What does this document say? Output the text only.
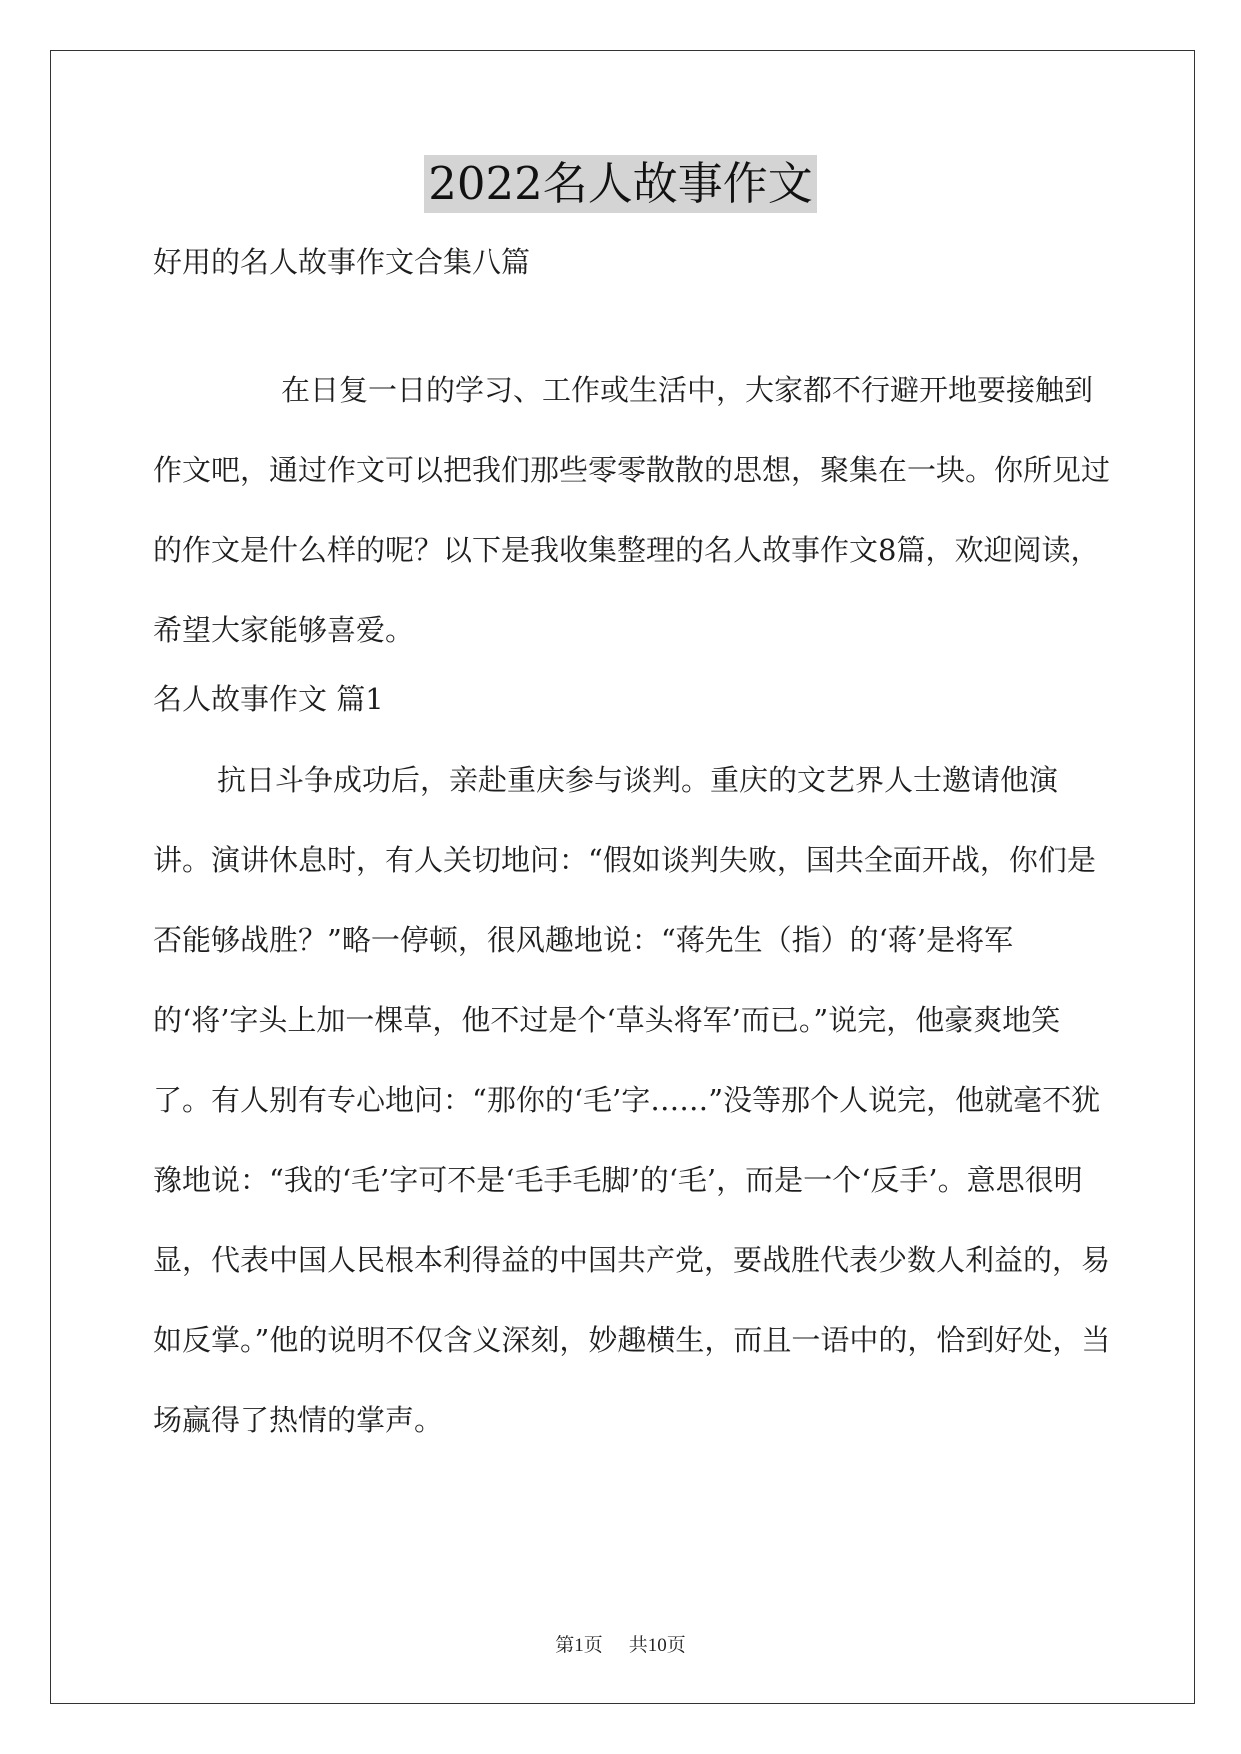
2022名人故事作文
好用的名人故事作文合集八篇
在日复一日的学习、工作或生活中，大家都不行避开地要接触到作文吧，通过作文可以把我们那些零零散散的思想，聚集在一块。你所见过的作文是什么样的呢？以下是我收集整理的名人故事作文8篇，欢迎阅读，希望大家能够喜爱。
名人故事作文 篇1
抗日斗争成功后，亲赴重庆参与谈判。重庆的文艺界人士邀请他演讲。演讲休息时，有人关切地问：“假如谈判失败，国共全面开战，你们是否能够战胜？”略一停顿，很风趣地说：“蒋先生（指）的‘蒋’是将军的‘将’字头上加一棵草，他不过是个‘草头将军’而已。”说完，他豪爽地笑了。有人别有专心地问：“那你的‘毛’字……”没等那个人说完，他就毫不犹豫地说：“我的‘毛’字可不是‘毛手毛脚’的‘毛’，而是一个‘反手’。意思很明显，代表中国人民根本利得益的中国共产党，要战胜代表少数人利益的，易如反掌。”他的说明不仅含义深刻，妙趣横生，而且一语中的，恰到好处，当场赢得了热情的掌声。
第1页 共10页
